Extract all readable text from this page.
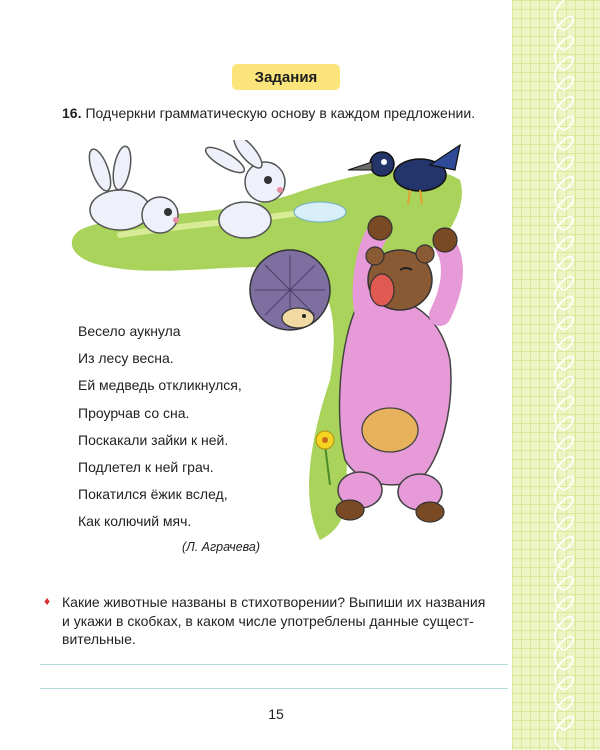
Задания
16. Подчеркни грамматическую основу в каждом предложении.
Весело аукнула
Из лесу весна.
Ей медведь откликнулся,
Проурчав со сна.
Поскакали зайки к ней.
Подлетел к ней грач.
Покатился ёжик вслед,
Как колючий мяч.
(Л. Аграчева)
♦ Какие животные названы в стихотворении? Выпиши их названия
и укажи в скобках, в каком числе употреблены данные сущест-
вительные.
15
